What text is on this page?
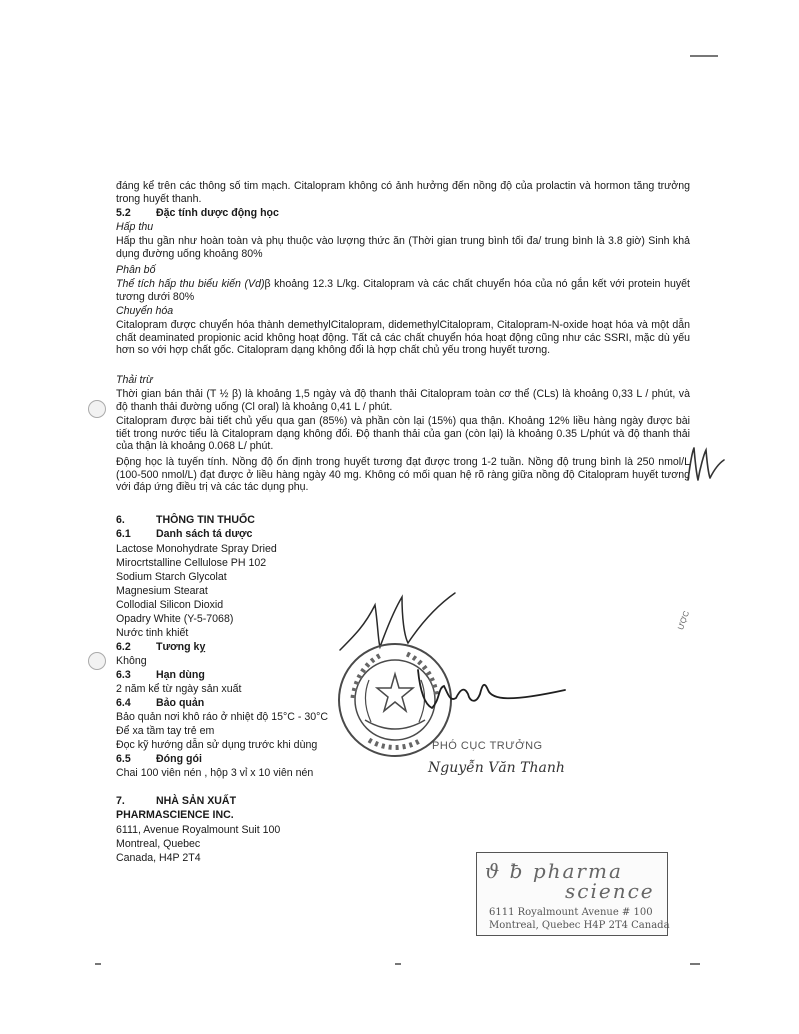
đáng kể trên các thông số tim mạch. Citalopram không có ảnh hưởng đến nồng độ của prolactin và hormon tăng trưởng trong huyết thanh.
5.2 Đặc tính dược động học
Hấp thu
Hấp thu gần như hoàn toàn và phụ thuộc vào lượng thức ăn (Thời gian trung bình tối đa/ trung bình là 3.8 giờ) Sinh khả dụng đường uống khoảng 80%
Phân bố
Thể tích hấp thu biểu kiến (Vd)β khoảng 12.3 L/kg. Citalopram và các chất chuyển hóa của nó gắn kết với protein huyết tương dưới 80%
Chuyển hóa
Citalopram được chuyển hóa thành demethylCitalopram, didemethylCitalopram, Citalopram-N-oxide hoạt hóa và một dẫn chất deaminated propionic acid không hoạt động. Tất cả các chất chuyển hóa hoạt động cũng như các SSRI, mặc dù yếu hơn so với hợp chất gốc. Citalopram dạng không đổi là hợp chất chủ yếu trong huyết tương.
Thải trừ
Thời gian bán thải (T ½ β) là khoảng 1,5 ngày và độ thanh thải Citalopram toàn cơ thể (CLs) là khoảng 0,33 L / phút, và độ thanh thải đường uống (Cl oral) là khoảng 0,41 L / phút.
Citalopram được bài tiết chủ yếu qua gan (85%) và phần còn lại (15%) qua thận. Khoảng 12% liều hàng ngày được bài tiết trong nước tiểu là Citalopram dạng không đổi. Độ thanh thải của gan (còn lại) là khoảng 0.35 L/phút và độ thanh thải của thận là khoảng 0.068 L/ phút.
Động học là tuyến tính. Nồng độ ổn định trong huyết tương đạt được trong 1-2 tuần. Nồng độ trung bình là 250 nmol/L (100-500 nmol/L) đạt được ở liều hàng ngày 40 mg. Không có mối quan hệ rõ ràng giữa nồng độ Citalopram huyết tương với đáp ứng điều trị và các tác dụng phụ.
6.	THÔNG TIN THUỐC
6.1 Danh sách tá dược
Lactose Monohydrate Spray Dried
Mirocrtstalline Cellulose PH 102
Sodium Starch Glycolat
Magnesium Stearat
Collodial Silicon Dioxid
Opadry White (Y-5-7068)
Nước tinh khiết
6.2 Tương kỵ
Không
6.3 Hạn dùng
2 năm kể từ ngày sản xuất
6.4 Bảo quản
Bảo quản nơi khô ráo ở nhiệt độ 15°C - 30°C
Để xa tầm tay trẻ em
Đọc kỹ hướng dẫn sử dụng trước khi dùng
6.5 Đóng gói
Chai 100 viên nén , hộp 3 vỉ x 10 viên nén
7.	NHÀ SẢN XUẤT
PHARMASCIENCE INC.
6111, Avenue Royalmount Suit 100
Montreal, Quebec
Canada, H4P 2T4
PHÓ CỤC TRƯỞNG
Nguyễn Văn Thanh
ϑ ƀ pharma
science
6111 Royalmount Avenue # 100
Montreal, Quebec H4P 2T4 Canada
ƯỢC
